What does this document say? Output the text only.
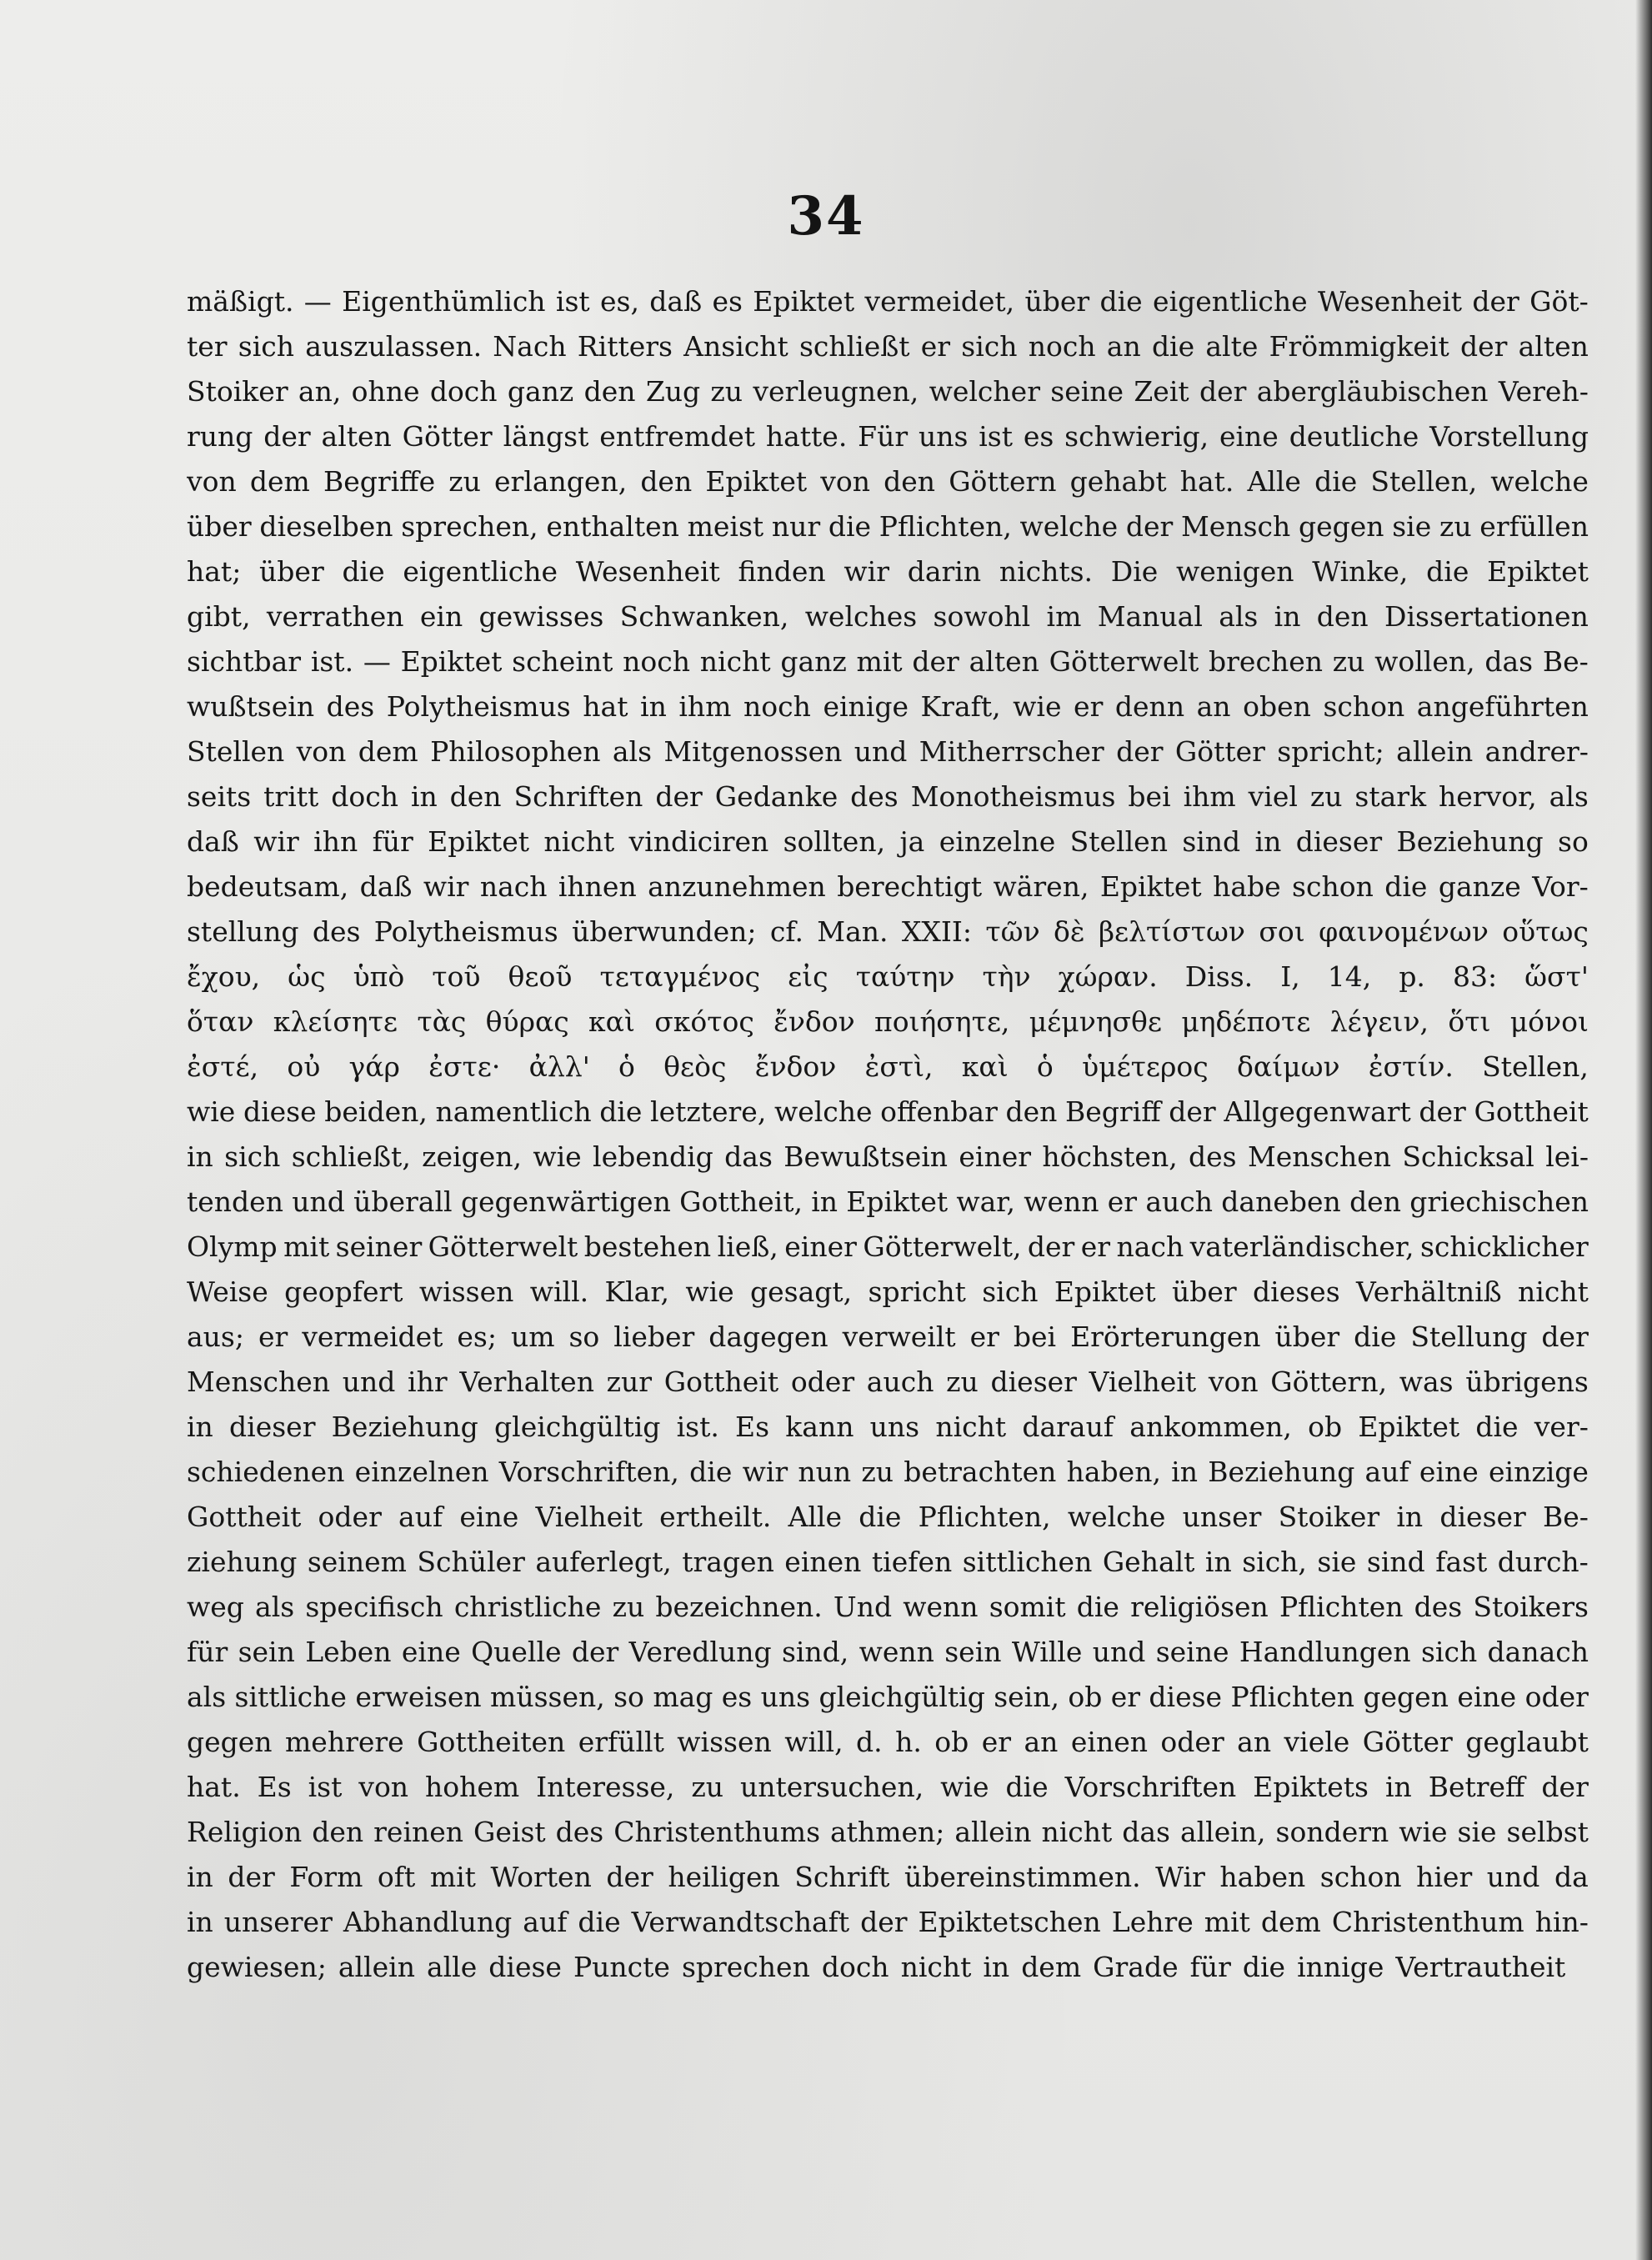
34
mäßigt. — Eigenthümlich ist es, daß es Epiktet vermeidet, über die eigentliche Wesenheit der Göt-
ter sich auszulassen. Nach Ritters Ansicht schließt er sich noch an die alte Frömmigkeit der alten
Stoiker an, ohne doch ganz den Zug zu verleugnen, welcher seine Zeit der abergläubischen Vereh-
rung der alten Götter längst entfremdet hatte. Für uns ist es schwierig, eine deutliche Vorstellung
von dem Begriffe zu erlangen, den Epiktet von den Göttern gehabt hat. Alle die Stellen, welche
über dieselben sprechen, enthalten meist nur die Pflichten, welche der Mensch gegen sie zu erfüllen
hat; über die eigentliche Wesenheit finden wir darin nichts. Die wenigen Winke, die Epiktet
gibt, verrathen ein gewisses Schwanken, welches sowohl im Manual als in den Dissertationen
sichtbar ist. — Epiktet scheint noch nicht ganz mit der alten Götterwelt brechen zu wollen, das Be-
wußtsein des Polytheismus hat in ihm noch einige Kraft, wie er denn an oben schon angeführten
Stellen von dem Philosophen als Mitgenossen und Mitherrscher der Götter spricht; allein andrer-
seits tritt doch in den Schriften der Gedanke des Monotheismus bei ihm viel zu stark hervor, als
daß wir ihn für Epiktet nicht vindiciren sollten, ja einzelne Stellen sind in dieser Beziehung so
bedeutsam, daß wir nach ihnen anzunehmen berechtigt wären, Epiktet habe schon die ganze Vor-
stellung des Polytheismus überwunden; cf. Man. XXII: τῶν δὲ βελτίστων σοι φαινομένων οὕτως
ἔχου, ὡς ὑπὸ τοῦ θεοῦ τεταγμένος εἰς ταύτην τὴν χώραν. Diss. I, 14, p. 83: ὥστ'
ὅταν κλείσητε τὰς θύρας καὶ σκότος ἔνδον ποιήσητε, μέμνησθε μηδέποτε λέγειν, ὅτι μόνοι
ἐστέ, οὐ γάρ ἐστε· ἀλλ' ὁ θεὸς ἔνδον ἐστὶ, καὶ ὁ ὑμέτερος δαίμων ἐστίν. Stellen,
wie diese beiden, namentlich die letztere, welche offenbar den Begriff der Allgegenwart der Gottheit
in sich schließt, zeigen, wie lebendig das Bewußtsein einer höchsten, des Menschen Schicksal lei-
tenden und überall gegenwärtigen Gottheit, in Epiktet war, wenn er auch daneben den griechischen
Olymp mit seiner Götterwelt bestehen ließ, einer Götterwelt, der er nach vaterländischer, schicklicher
Weise geopfert wissen will. Klar, wie gesagt, spricht sich Epiktet über dieses Verhältniß nicht
aus; er vermeidet es; um so lieber dagegen verweilt er bei Erörterungen über die Stellung der
Menschen und ihr Verhalten zur Gottheit oder auch zu dieser Vielheit von Göttern, was übrigens
in dieser Beziehung gleichgültig ist. Es kann uns nicht darauf ankommen, ob Epiktet die ver-
schiedenen einzelnen Vorschriften, die wir nun zu betrachten haben, in Beziehung auf eine einzige
Gottheit oder auf eine Vielheit ertheilt. Alle die Pflichten, welche unser Stoiker in dieser Be-
ziehung seinem Schüler auferlegt, tragen einen tiefen sittlichen Gehalt in sich, sie sind fast durch-
weg als specifisch christliche zu bezeichnen. Und wenn somit die religiösen Pflichten des Stoikers
für sein Leben eine Quelle der Veredlung sind, wenn sein Wille und seine Handlungen sich danach
als sittliche erweisen müssen, so mag es uns gleichgültig sein, ob er diese Pflichten gegen eine oder
gegen mehrere Gottheiten erfüllt wissen will, d. h. ob er an einen oder an viele Götter geglaubt
hat. Es ist von hohem Interesse, zu untersuchen, wie die Vorschriften Epiktets in Betreff der
Religion den reinen Geist des Christenthums athmen; allein nicht das allein, sondern wie sie selbst
in der Form oft mit Worten der heiligen Schrift übereinstimmen. Wir haben schon hier und da
in unserer Abhandlung auf die Verwandtschaft der Epiktetschen Lehre mit dem Christenthum hin-
gewiesen; allein alle diese Puncte sprechen doch nicht in dem Grade für die innige Vertrautheit
